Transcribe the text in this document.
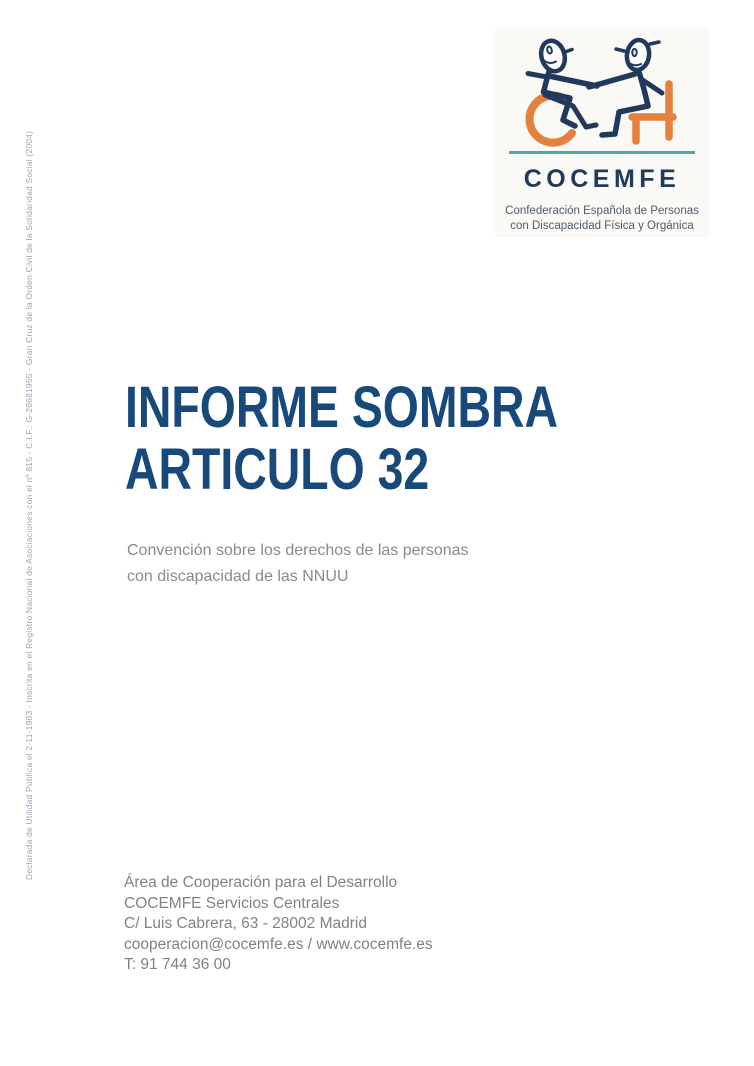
Declarada de Utilidad Pública el 2-11-1983 - Inscrita en el Registro Nacional de Asociaciones con el nº 815 - C.I.F.: G-28681955 - Gran Cruz de la Orden Civil de la Solidaridad Social (2004)	COCEMFE
Confederación Española de Personas
con Discapacidad Física y Orgánica
INFORME SOMBRA
ARTICULO 32
Convención sobre los derechos de las personas
con discapacidad de las NNUU
Área de Cooperación para el Desarrollo
COCEMFE Servicios Centrales
C/ Luis Cabrera, 63 - 28002 Madrid
cooperacion@cocemfe.es / www.cocemfe.es
T: 91 744 36 00
